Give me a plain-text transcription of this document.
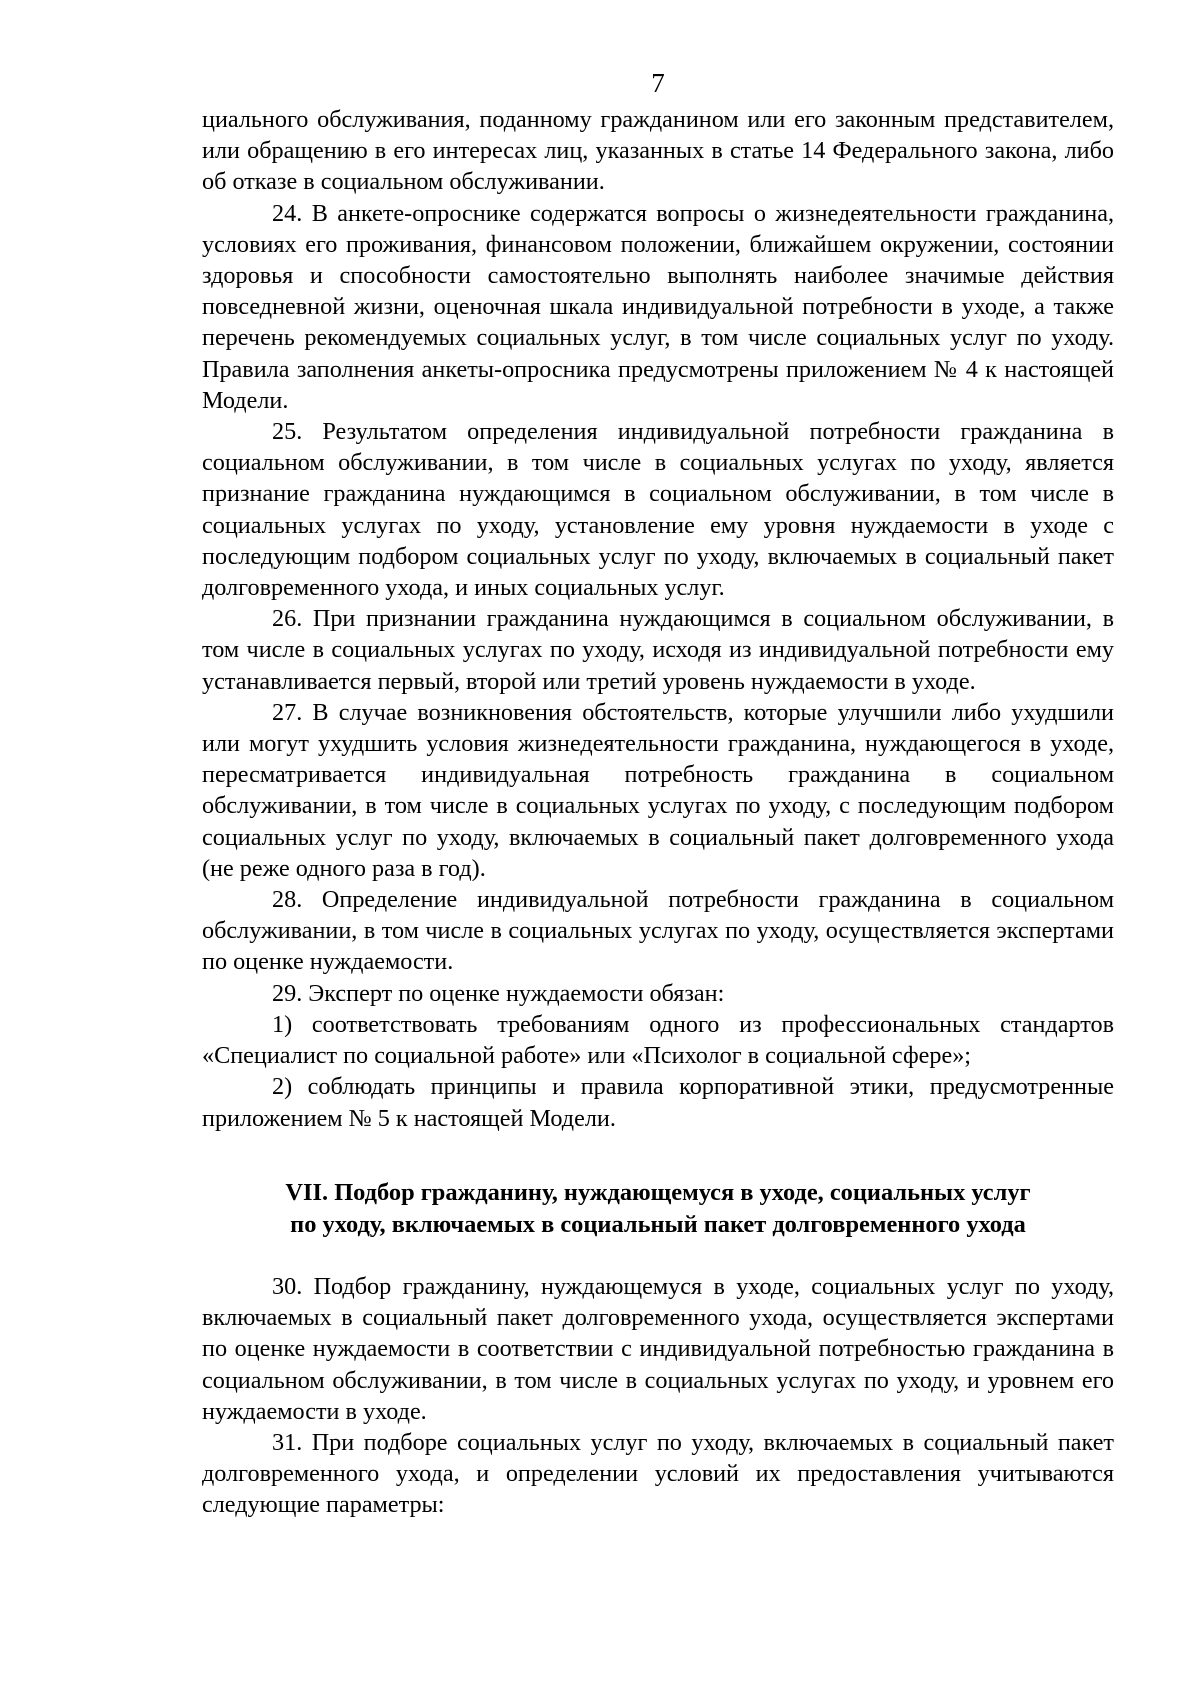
7

циального обслуживания, поданному гражданином или его законным представителем, или обращению в его интересах лиц, указанных в статье 14 Федерального закона, либо об отказе в социальном обслуживании.

24. В анкете-опроснике содержатся вопросы о жизнедеятельности гражданина, условиях его проживания, финансовом положении, ближайшем окружении, состоянии здоровья и способности самостоятельно выполнять наиболее значимые действия повседневной жизни, оценочная шкала индивидуальной потребности в уходе, а также перечень рекомендуемых социальных услуг, в том числе социальных услуг по уходу. Правила заполнения анкеты-опросника предусмотрены приложением № 4 к настоящей Модели.

25. Результатом определения индивидуальной потребности гражданина в социальном обслуживании, в том числе в социальных услугах по уходу, является признание гражданина нуждающимся в социальном обслуживании, в том числе в социальных услугах по уходу, установление ему уровня нуждаемости в уходе с последующим подбором социальных услуг по уходу, включаемых в социальный пакет долговременного ухода, и иных социальных услуг.

26. При признании гражданина нуждающимся в социальном обслуживании, в том числе в социальных услугах по уходу, исходя из индивидуальной потребности ему устанавливается первый, второй или третий уровень нуждаемости в уходе.

27. В случае возникновения обстоятельств, которые улучшили либо ухудшили или могут ухудшить условия жизнедеятельности гражданина, нуждающегося в уходе, пересматривается индивидуальная потребность гражданина в социальном обслуживании, в том числе в социальных услугах по уходу, с последующим подбором социальных услуг по уходу, включаемых в социальный пакет долговременного ухода (не реже одного раза в год).

28. Определение индивидуальной потребности гражданина в социальном обслуживании, в том числе в социальных услугах по уходу, осуществляется экспертами по оценке нуждаемости.

29. Эксперт по оценке нуждаемости обязан:

1) соответствовать требованиям одного из профессиональных стандартов «Специалист по социальной работе» или «Психолог в социальной сфере»;

2) соблюдать принципы и правила корпоративной этики, предусмотренные приложением № 5 к настоящей Модели.

VII. Подбор гражданину, нуждающемуся в уходе, социальных услуг
по уходу, включаемых в социальный пакет долговременного ухода

30. Подбор гражданину, нуждающемуся в уходе, социальных услуг по уходу, включаемых в социальный пакет долговременного ухода, осуществляется экспертами по оценке нуждаемости в соответствии с индивидуальной потребностью гражданина в социальном обслуживании, в том числе в социальных услугах по уходу, и уровнем его нуждаемости в уходе.

31. При подборе социальных услуг по уходу, включаемых в социальный пакет долговременного ухода, и определении условий их предоставления учитываются следующие параметры:
